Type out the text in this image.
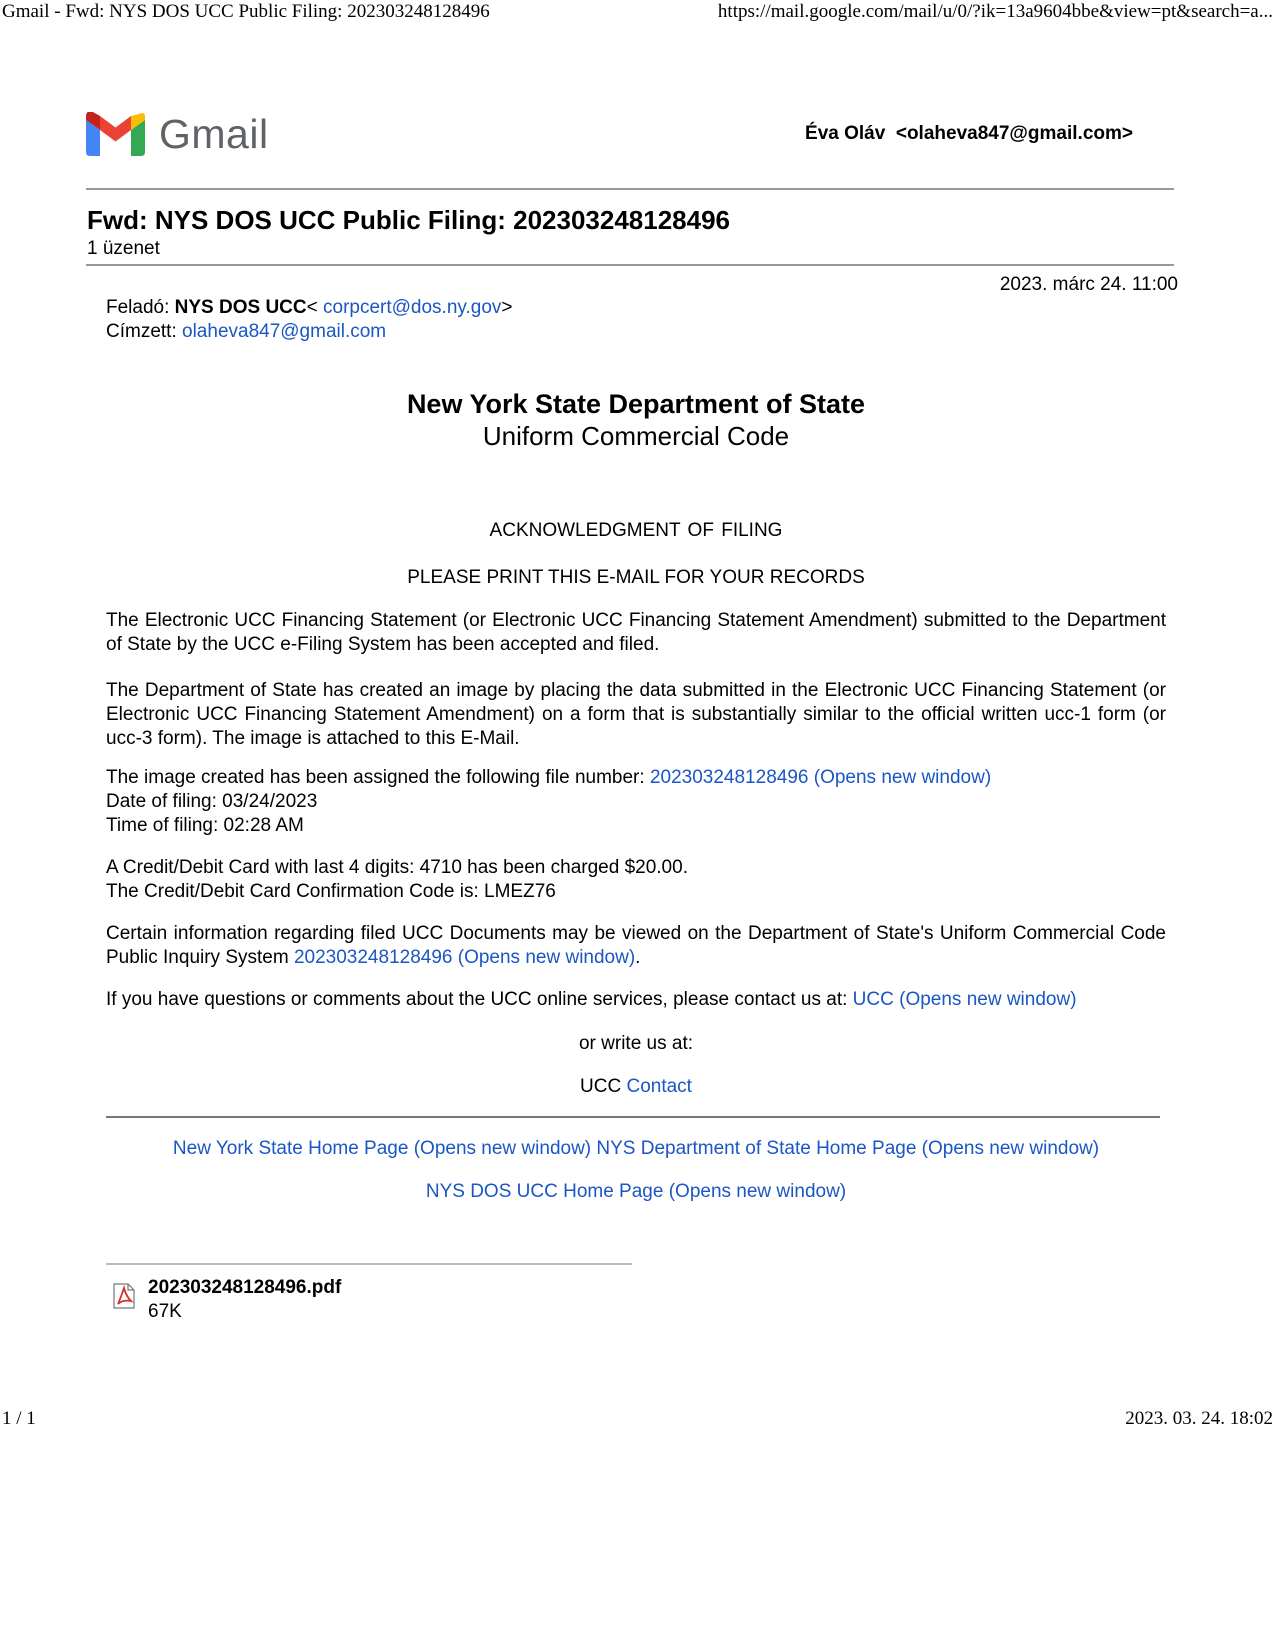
Gmail - Fwd: NYS DOS UCC Public Filing: 202303248128496	https://mail.google.com/mail/u/0/?ik=13a9604bbe&view=pt&search=a...
Gmail	Éva Oláv  <olaheva847@gmail.com>
Fwd: NYS DOS UCC Public Filing: 202303248128496
1 üzenet
2023. márc 24. 11:00
Feladó: NYS DOS UCC< corpcert@dos.ny.gov>
Címzett: olaheva847@gmail.com
New York State Department of State
Uniform Commercial Code
ACKNOWLEDGMENT OF FILING
PLEASE PRINT THIS E-MAIL FOR YOUR RECORDS
The Electronic UCC Financing Statement (or Electronic UCC Financing Statement Amendment) submitted to the Department of State by the UCC e-Filing System has been accepted and filed.
The Department of State has created an image by placing the data submitted in the Electronic UCC Financing Statement (or Electronic UCC Financing Statement Amendment) on a form that is substantially similar to the official written ucc-1 form (or ucc-3 form). The image is attached to this E-Mail.
The image created has been assigned the following file number: 202303248128496 (Opens new window)
Date of filing: 03/24/2023
Time of filing: 02:28 AM
A Credit/Debit Card with last 4 digits: 4710 has been charged $20.00.
The Credit/Debit Card Confirmation Code is: LMEZ76
Certain information regarding filed UCC Documents may be viewed on the Department of State's Uniform Commercial Code Public Inquiry System 202303248128496 (Opens new window).
If you have questions or comments about the UCC online services, please contact us at: UCC (Opens new window)
or write us at:
UCC Contact
New York State Home Page (Opens new window) NYS Department of State Home Page (Opens new window)
NYS DOS UCC Home Page (Opens new window)
202303248128496.pdf
67K
1 / 1	2023. 03. 24. 18:02
